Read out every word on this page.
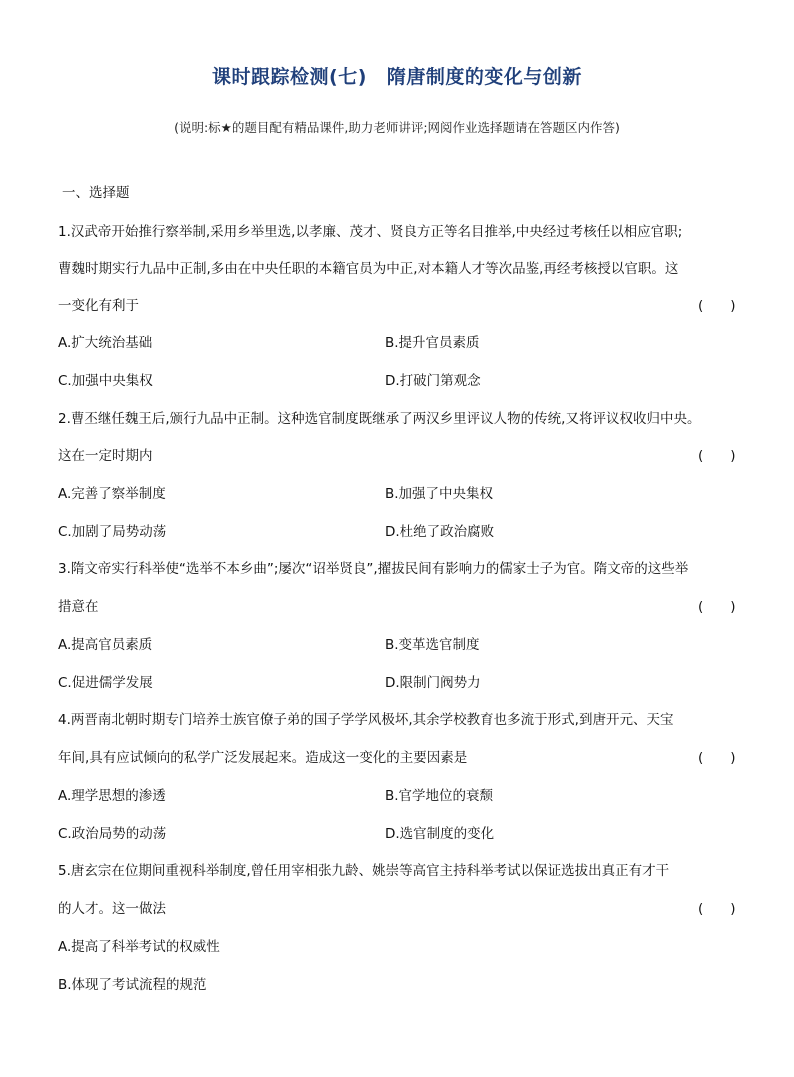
课时跟踪检测(七) 隋唐制度的变化与创新
(说明:标★的题目配有精品课件,助力老师讲评;网阅作业选择题请在答题区内作答)
一、选择题
1.汉武帝开始推行察举制,采用乡举里选,以孝廉、茂才、贤良方正等名目推举,中央经过考核任以相应官职;
曹魏时期实行九品中正制,多由在中央任职的本籍官员为中正,对本籍人才等次品鉴,再经考核授以官职。这
一变化有利于	(　　)
A.扩大统治基础	B.提升官员素质
C.加强中央集权	D.打破门第观念
2.曹丕继任魏王后,颁行九品中正制。这种选官制度既继承了两汉乡里评议人物的传统,又将评议权收归中央。
这在一定时期内	(　　)
A.完善了察举制度	B.加强了中央集权
C.加剧了局势动荡	D.杜绝了政治腐败
3.隋文帝实行科举使“选举不本乡曲”;屡次“诏举贤良”,擢拔民间有影响力的儒家士子为官。隋文帝的这些举
措意在	(　　)
A.提高官员素质	B.变革选官制度
C.促进儒学发展	D.限制门阀势力
4.两晋南北朝时期专门培养士族官僚子弟的国子学学风极坏,其余学校教育也多流于形式,到唐开元、天宝
年间,具有应试倾向的私学广泛发展起来。造成这一变化的主要因素是	(　　)
A.理学思想的渗透	B.官学地位的衰颓
C.政治局势的动荡	D.选官制度的变化
5.唐玄宗在位期间重视科举制度,曾任用宰相张九龄、姚崇等高官主持科举考试以保证选拔出真正有才干
的人才。这一做法	(　　)
A.提高了科举考试的权威性
B.体现了考试流程的规范
